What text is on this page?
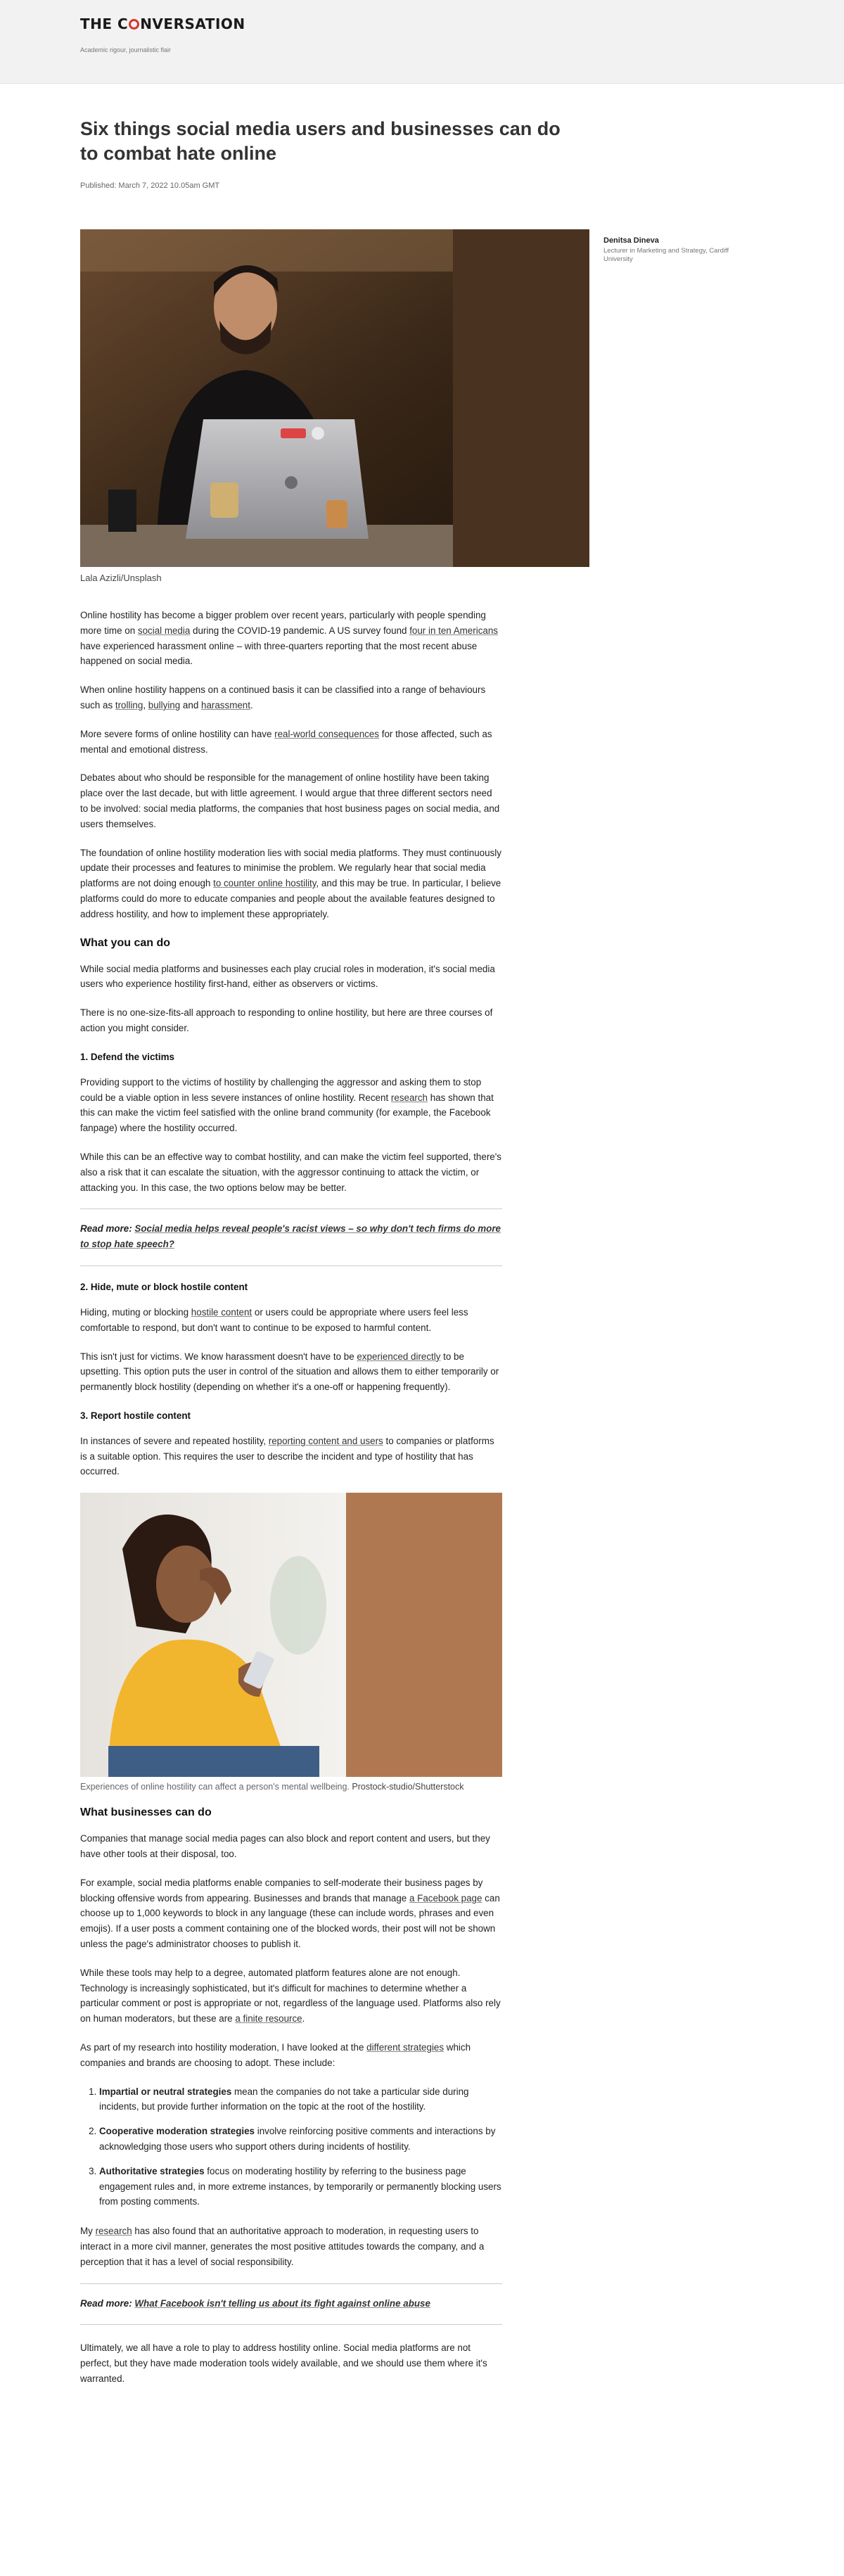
THE C NVERSATION
Academic rigour, journalistic flair
Six things social media users and businesses can do to combat hate online
Published: March 7, 2022 10.05am GMT
Denitsa Dineva
Lecturer in Marketing and Strategy, Cardiff University
Lala Azizli/Unsplash

Online hostility has become a bigger problem over recent years, particularly with people spending more time on social media during the COVID-19 pandemic. A US survey found four in ten Americans have experienced harassment online – with three-quarters reporting that the most recent abuse happened on social media.

When online hostility happens on a continued basis it can be classified into a range of behaviours such as trolling, bullying and harassment.

More severe forms of online hostility can have real-world consequences for those affected, such as mental and emotional distress.

Debates about who should be responsible for the management of online hostility have been taking place over the last decade, but with little agreement. I would argue that three different sectors need to be involved: social media platforms, the companies that host business pages on social media, and users themselves.

The foundation of online hostility moderation lies with social media platforms. They must continuously update their processes and features to minimise the problem. We regularly hear that social media platforms are not doing enough to counter online hostility, and this may be true. In particular, I believe platforms could do more to educate companies and people about the available features designed to address hostility, and how to implement these appropriately.

What you can do

While social media platforms and businesses each play crucial roles in moderation, it's social media users who experience hostility first-hand, either as observers or victims.

There is no one-size-fits-all approach to responding to online hostility, but here are three courses of action you might consider.

1. Defend the victims

Providing support to the victims of hostility by challenging the aggressor and asking them to stop could be a viable option in less severe instances of online hostility. Recent research has shown that this can make the victim feel satisfied with the online brand community (for example, the Facebook fanpage) where the hostility occurred.

While this can be an effective way to combat hostility, and can make the victim feel supported, there's also a risk that it can escalate the situation, with the aggressor continuing to attack the victim, or attacking you. In this case, the two options below may be better.

Read more: Social media helps reveal people's racist views – so why don't tech firms do more to stop hate speech?

2. Hide, mute or block hostile content

Hiding, muting or blocking hostile content or users could be appropriate where users feel less comfortable to respond, but don't want to continue to be exposed to harmful content.

This isn't just for victims. We know harassment doesn't have to be experienced directly to be upsetting. This option puts the user in control of the situation and allows them to either temporarily or permanently block hostility (depending on whether it's a one-off or happening frequently).

3. Report hostile content

In instances of severe and repeated hostility, reporting content and users to companies or platforms is a suitable option. This requires the user to describe the incident and type of hostility that has occurred.

Experiences of online hostility can affect a person's mental wellbeing. Prostock-studio/Shutterstock
What businesses can do

Companies that manage social media pages can also block and report content and users, but they have other tools at their disposal, too.

For example, social media platforms enable companies to self-moderate their business pages by blocking offensive words from appearing. Businesses and brands that manage a Facebook page can choose up to 1,000 keywords to block in any language (these can include words, phrases and even emojis). If a user posts a comment containing one of the blocked words, their post will not be shown unless the page's administrator chooses to publish it.

While these tools may help to a degree, automated platform features alone are not enough. Technology is increasingly sophisticated, but it's difficult for machines to determine whether a particular comment or post is appropriate or not, regardless of the language used. Platforms also rely on human moderators, but these are a finite resource.

As part of my research into hostility moderation, I have looked at the different strategies which companies and brands are choosing to adopt. These include:

1. Impartial or neutral strategies mean the companies do not take a particular side during incidents, but provide further information on the topic at the root of the hostility.
2. Cooperative moderation strategies involve reinforcing positive comments and interactions by acknowledging those users who support others during incidents of hostility.
3. Authoritative strategies focus on moderating hostility by referring to the business page engagement rules and, in more extreme instances, by temporarily or permanently blocking users from posting comments.

My research has also found that an authoritative approach to moderation, in requesting users to interact in a more civil manner, generates the most positive attitudes towards the company, and a perception that it has a level of social responsibility.

Read more: What Facebook isn't telling us about its fight against online abuse

Ultimately, we all have a role to play to address hostility online. Social media platforms are not perfect, but they have made moderation tools widely available, and we should use them where it's warranted.
